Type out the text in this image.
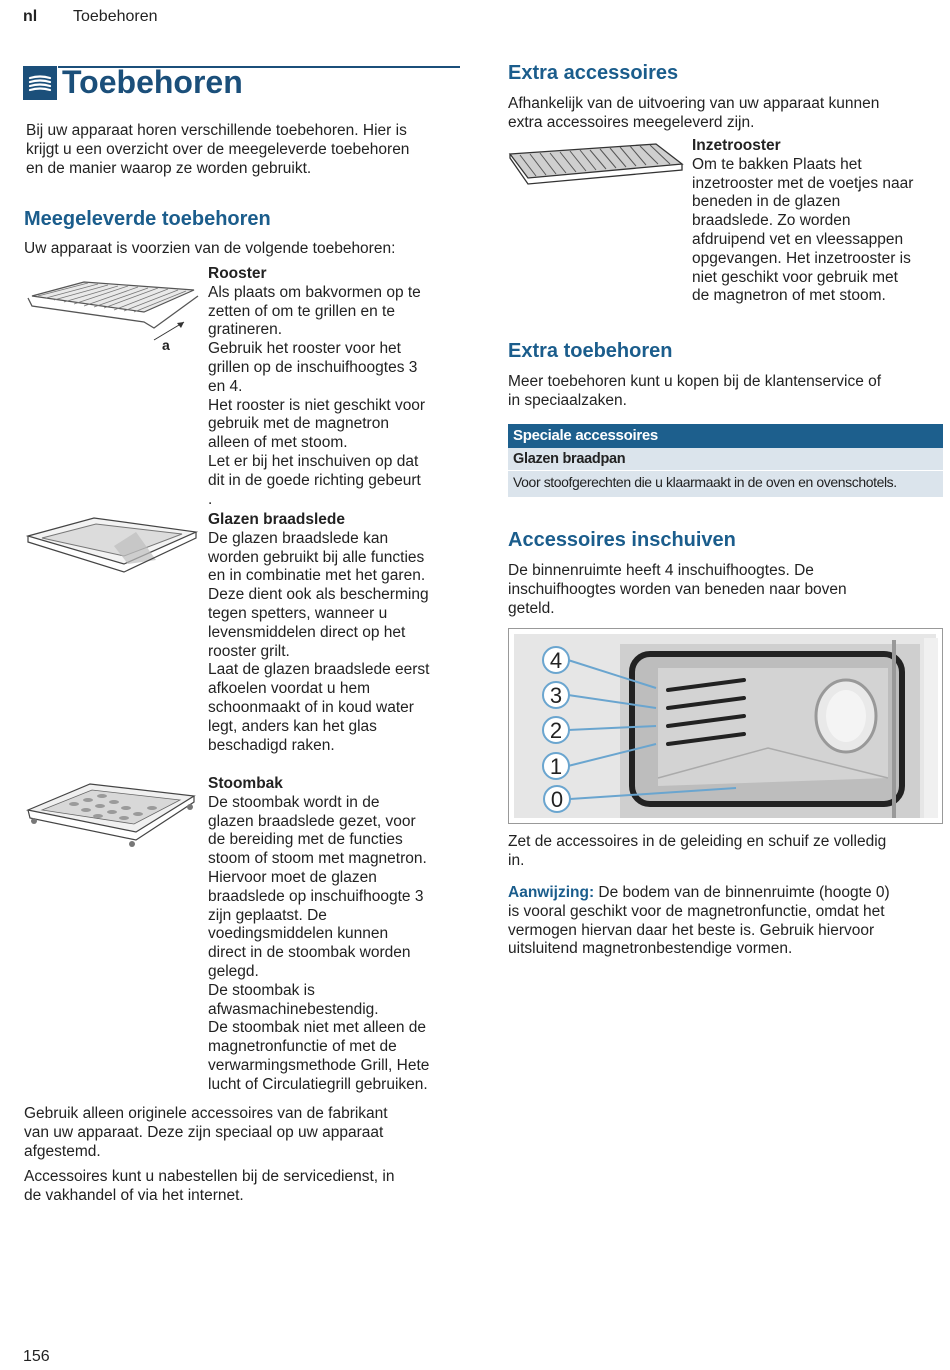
nl Toebehoren
Toebehoren
Bij uw apparaat horen verschillende toebehoren. Hier is
krijgt u een overzicht over de meegeleverde toebehoren
en de manier waarop ze worden gebruikt.
Meegeleverde toebehoren
Uw apparaat is voorzien van de volgende toebehoren:
a
Rooster
Als plaats om bakvormen op te
zetten of om te grillen en te
gratineren.
Gebruik het rooster voor het
grillen op de inschuifhoogtes 3
en 4.
Het rooster is niet geschikt voor
gebruik met de magnetron
alleen of met stoom.
Let er bij het inschuiven op dat
dit in de goede richting gebeurt
.
Glazen braadslede
De glazen braadslede kan
worden gebruikt bij alle functies
en in combinatie met het garen.
Deze dient ook als bescherming
tegen spetters, wanneer u
levensmiddelen direct op het
rooster grilt.
Laat de glazen braadslede eerst
afkoelen voordat u hem
schoonmaakt of in koud water
legt, anders kan het glas
beschadigd raken.
Stoombak
De stoombak wordt in de
glazen braadslede gezet, voor
de bereiding met de functies
stoom of stoom met magnetron.
Hiervoor moet de glazen
braadslede op inschuifhoogte 3
zijn geplaatst. De
voedingsmiddelen kunnen
direct in de stoombak worden
gelegd.
De stoombak is
afwasmachinebestendig.
De stoombak niet met alleen de
magnetronfunctie of met de
verwarmingsmethode Grill, Hete
lucht of Circulatiegrill gebruiken.
Gebruik alleen originele accessoires van de fabrikant
van uw apparaat. Deze zijn speciaal op uw apparaat
afgestemd.
Accessoires kunt u nabestellen bij de servicedienst, in
de vakhandel of via het internet.
Extra accessoires
Afhankelijk van de uitvoering van uw apparaat kunnen
extra accessoires meegeleverd zijn.
Inzetrooster
Om te bakken Plaats het
inzetrooster met de voetjes naar
beneden in de glazen
braadslede. Zo worden
afdruipend vet en vleessappen
opgevangen. Het inzetrooster is
niet geschikt voor gebruik met
de magnetron of met stoom.
Extra toebehoren
Meer toebehoren kunt u kopen bij de klantenservice of
in speciaalzaken.
Speciale accessoires
Glazen braadpan
Voor stoofgerechten die u klaarmaakt in de oven en ovenschotels.
Accessoires inschuiven
De binnenruimte heeft 4 inschuifhoogtes. De
inschuifhoogtes worden van beneden naar boven
geteld.
4
3
2
1
0
Zet de accessoires in de geleiding en schuif ze volledig
in.
Aanwijzing: De bodem van de binnenruimte (hoogte 0)
is vooral geschikt voor de magnetronfunctie, omdat het
vermogen hiervan daar het beste is. Gebruik hiervoor
uitsluitend magnetronbestendige vormen.
156
